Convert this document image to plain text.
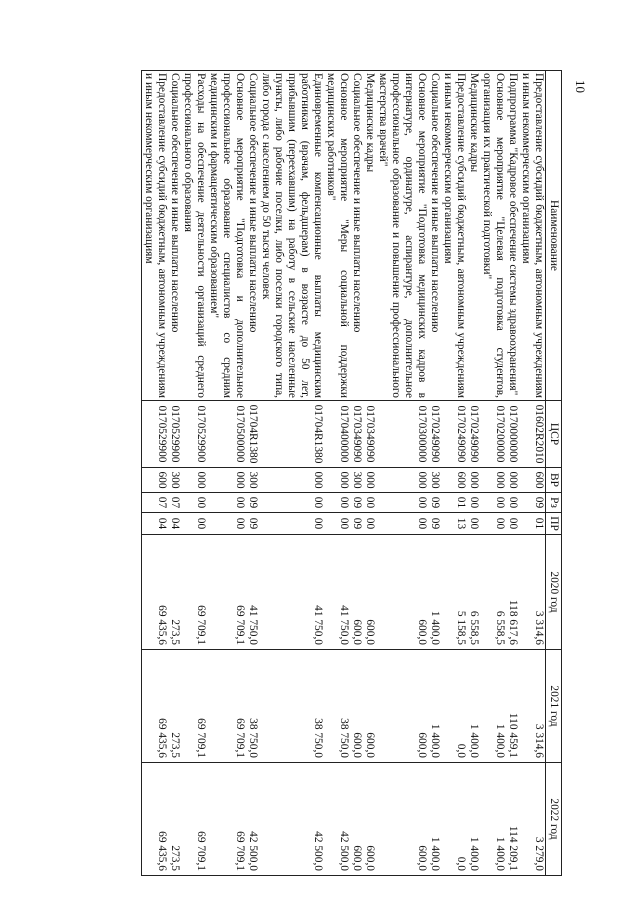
10
Наименование	ЦСР	ВР	Рз	ПР	2020 год	2021 год	2022 год
Предоставление субсидий бюджетным, автономным учреждениям и иным некоммерческим организациям	01602R2010	600	09	01	3 314,6	3 314,6	3 279,0
Подпрограмма "Кадровое обеспечение системы здравоохранения"	0170000000	000	00	00	118 617,6	110 459,1	114 209,1
Основное мероприятие "Целевая подготовка студентов, организация их практической подготовки"	0170200000	000	00	00	6 558,5	1 400,0	1 400,0
Медицинские кадры	0170249090	000	00	00	6 558,5	1 400,0	1 400,0
Предоставление субсидий бюджетным, автономным учреждениям и иным некоммерческим организациям	0170249090	600	01	13	5 158,5	0,0	0,0
Социальное обеспечение и иные выплаты населению	0170249090	300	09	09	1 400,0	1 400,0	1 400,0
Основное мероприятие "Подготовка медицинских кадров в интернатуре, ординатуре, аспирантуре, дополнительное профессиональное образование и повышение профессионального мастерства врачей"	0170300000	000	00	00	600,0	600,0	600,0
Медицинские кадры	0170349090	000	00	00	600,0	600,0	600,0
Социальное обеспечение и иные выплаты населению	0170349090	300	09	09	600,0	600,0	600,0
Основное мероприятие "Меры социальной поддержки медицинских работников"	0170400000	000	00	00	41 750,0	38 750,0	42 500,0
Единовременные компенсационные выплаты медицинским работникам (врачам, фельдшерам) в возрасте до 50 лет, прибывшим (переехавшим) на работу в сельские населенные пункты, либо рабочие поселки, либо поселки городского типа, либо города с населением до 50 тысяч человек	01704R1380	000	00	00	41 750,0	38 750,0	42 500,0
Социальное обеспечение и иные выплаты населению	01704R1380	300	09	09	41 750,0	38 750,0	42 500,0
Основное мероприятие "Подготовка и дополнительное профессиональное образование специалистов со средним медицинским и фармацевтическим образованием"	0170500000	000	00	00	69 709,1	69 709,1	69 709,1
Расходы на обеспечение деятельности организаций среднего профессионального образования	0170529900	000	00	00	69 709,1	69 709,1	69 709,1
Социальное обеспечение и иные выплаты населению	0170529900	300	07	04	273,5	273,5	273,5
Предоставление субсидий бюджетным, автономным учреждениям и иным некоммерческим организациям	0170529900	600	07	04	69 435,6	69 435,6	69 435,6
